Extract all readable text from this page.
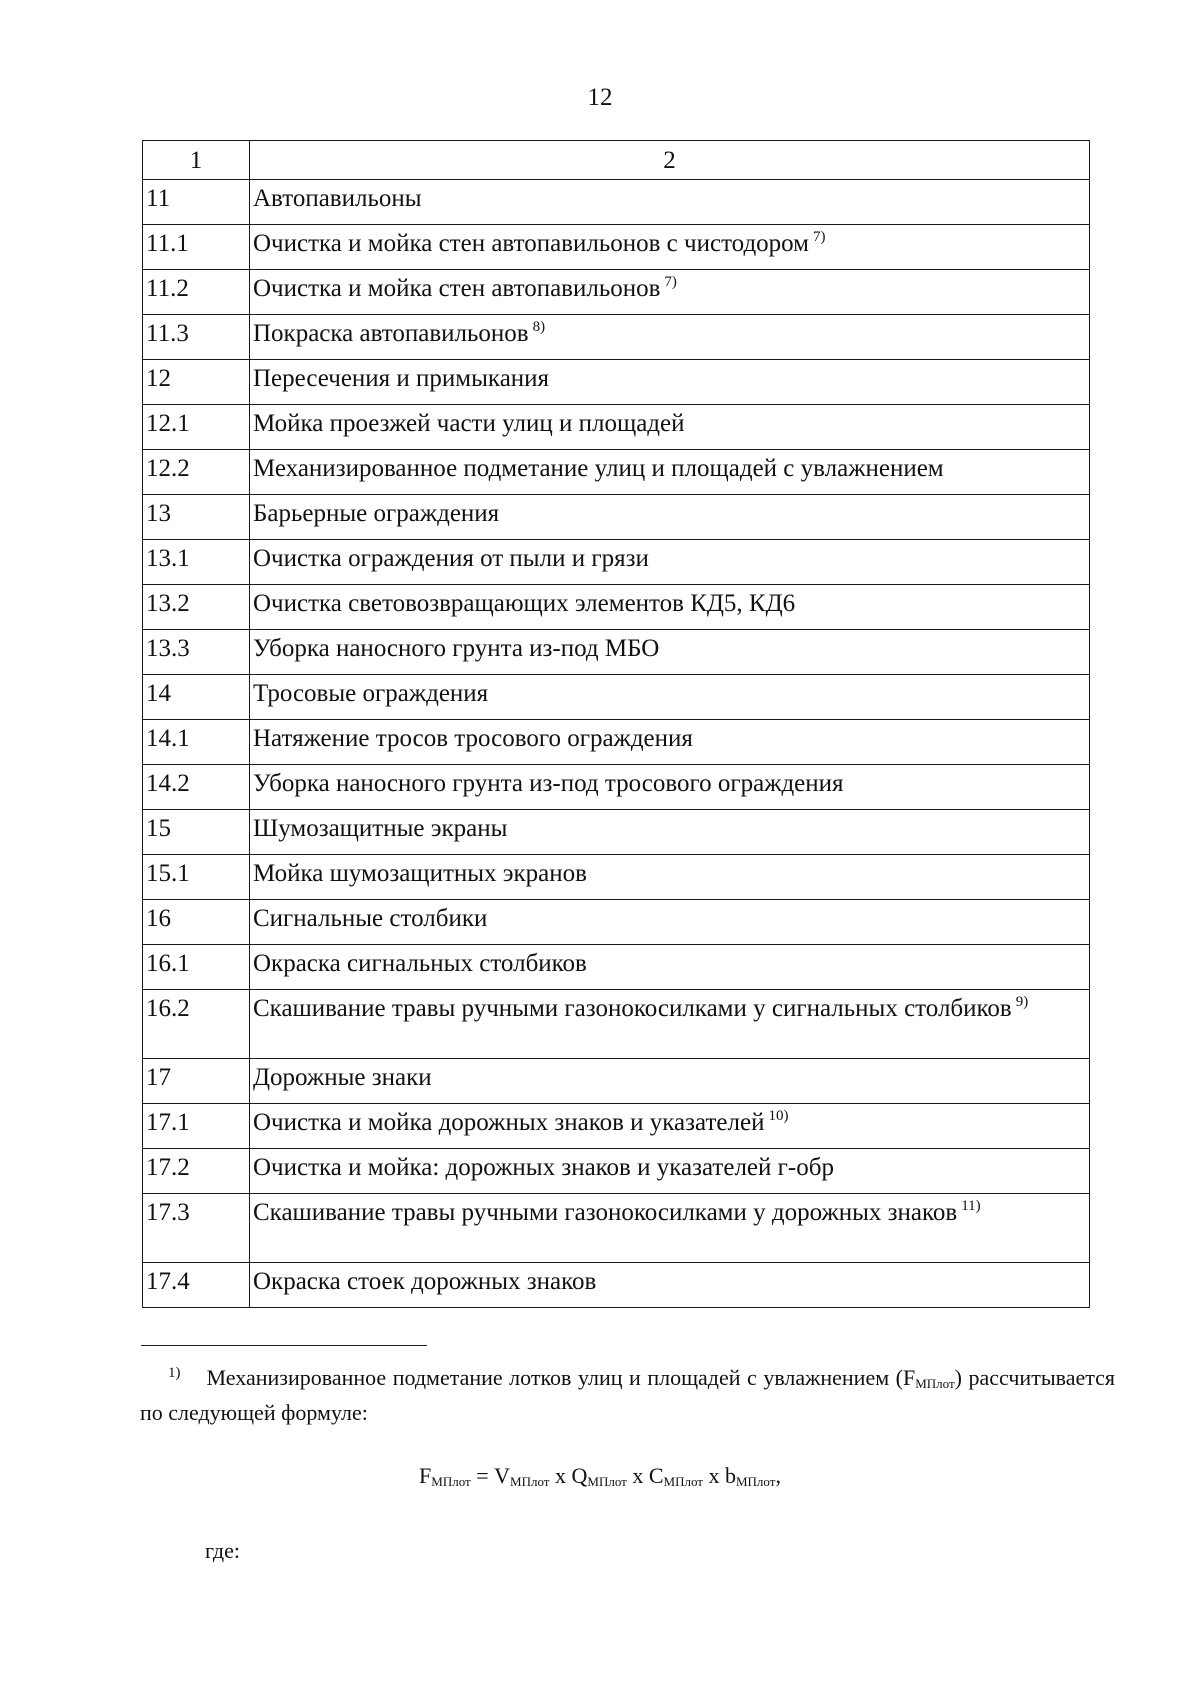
12
1	2
11	Автопавильоны
11.1	Очистка и мойка стен автопавильонов с чистодором $^{7)}$
11.2	Очистка и мойка стен автопавильонов $^{7)}$
11.3	Покраска автопавильонов $^{8)}$
12	Пересечения и примыкания
12.1	Мойка проезжей части улиц и площадей
12.2	Механизированное подметание улиц и площадей с увлажнением
13	Барьерные ограждения
13.1	Очистка ограждения от пыли и грязи
13.2	Очистка световозвращающих элементов КД5, КД6
13.3	Уборка наносного грунта из-под МБО
14	Тросовые ограждения
14.1	Натяжение тросов тросового ограждения
14.2	Уборка наносного грунта из-под тросового ограждения
15	Шумозащитные экраны
15.1	Мойка шумозащитных экранов
16	Сигнальные столбики
16.1	Окраска сигнальных столбиков
16.2	Скашивание травы ручными газонокосилками у сигнальных столбиков $^{9)}$
17	Дорожные знаки
17.1	Очистка и мойка дорожных знаков и указателей $^{10)}$
17.2	Очистка и мойка: дорожных знаков и указателей г-обр
17.3	Скашивание травы ручными газонокосилками у дорожных знаков $^{11)}$
17.4	Окраска стоек дорожных знаков
1) Механизированное подметание лотков улиц и площадей с увлажнением $(F_{МПлот})$ рассчитывается по следующей формуле:
$F_{МПлот} = V_{МПлот}$ x $Q_{МПлот}$ x $C_{МПлот}$ x $b_{МПлот}$,
где:
